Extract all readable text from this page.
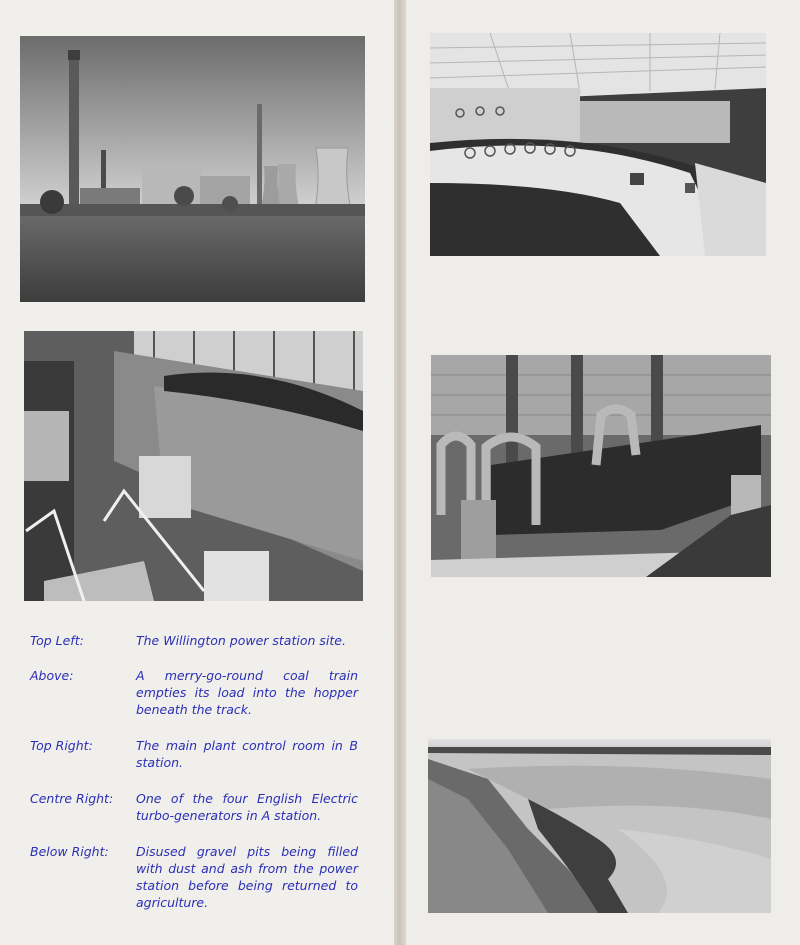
Top Left:	The Willington power station site.
Above:	A merry-go-round coal train empties its load into the hopper beneath the track.
Top Right:	The main plant control room in B station.
Centre Right:	One of the four English Electric turbo-generators in A station.
Below Right:	Disused gravel pits being filled with dust and ash from the power station before being returned to agriculture.
